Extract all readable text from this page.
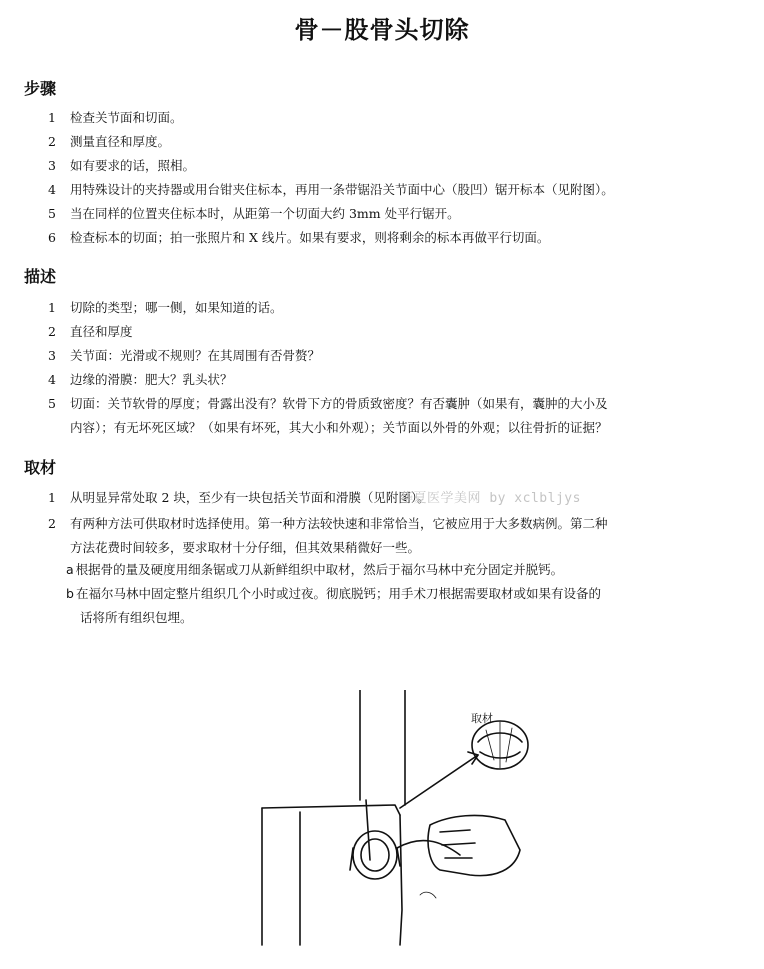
骨－股骨头切除
步骤
1 检查关节面和切面。
2 测量直径和厚度。
3 如有要求的话，照相。
4 用特殊设计的夹持器或用台钳夹住标本，再用一条带锯沿关节面中心（股凹）锯开标本（见附图）。
5 当在同样的位置夹住标本时，从距第一个切面大约 3mm 处平行锯开。
6 检查标本的切面；拍一张照片和 X 线片。如果有要求，则将剩余的标本再做平行切面。
描述
1 切除的类型；哪一侧，如果知道的话。
2 直径和厚度
3 关节面：光滑或不规则？在其周围有否骨赘？
4 边缘的滑膜：肥大？乳头状？
5 切面：关节软骨的厚度；骨露出没有？软骨下方的骨质致密度？有否囊肿（如果有，囊肿的大小及
内容）；有无坏死区域？（如果有坏死，其大小和外观）；关节面以外骨的外观；以往骨折的证据？
取材
1 从明显异常处取 2 块，至少有一块包括关节面和滑膜（见附图）。
2 有两种方法可供取材时选择使用。第一种方法较快速和非常恰当，它被应用于大多数病例。第二种
方法花费时间较多，要求取材十分仔细，但其效果稍微好一些。
a 根据骨的量及硬度用细条锯或刀从新鲜组织中取材，然后于福尔马林中充分固定并脱钙。
b 在福尔马林中固定整片组织几个小时或过夜。彻底脱钙；用手术刀根据需要取材或如果有设备的
话将所有组织包埋。
华夏医学美网 by xclbljys
取材
